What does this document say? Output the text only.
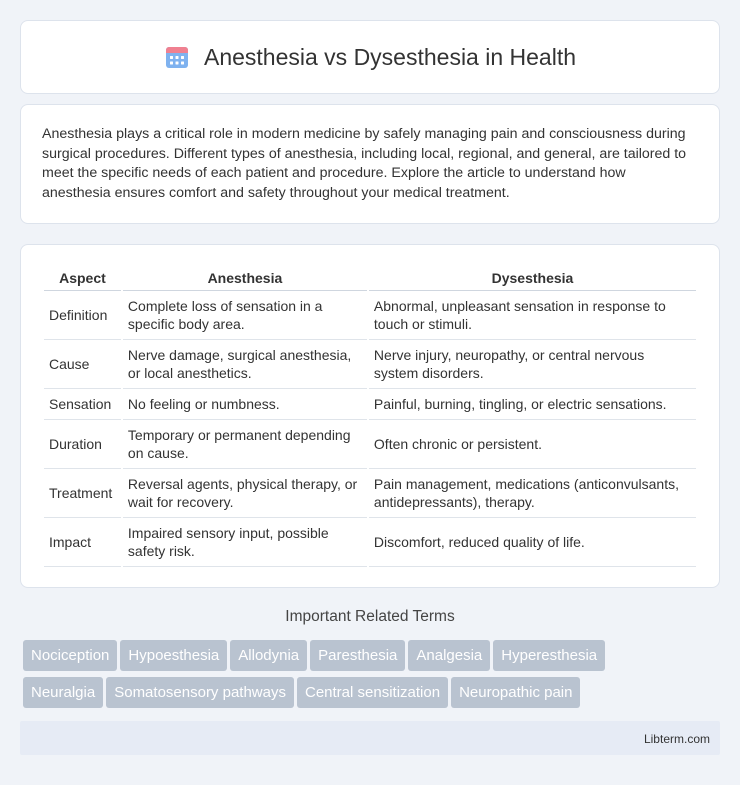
Anesthesia vs Dysesthesia in Health

Anesthesia plays a critical role in modern medicine by safely managing pain and consciousness during surgical procedures. Different types of anesthesia, including local, regional, and general, are tailored to meet the specific needs of each patient and procedure. Explore the article to understand how anesthesia ensures comfort and safety throughout your medical treatment.

Aspect	Anesthesia	Dysesthesia
Definition	Complete loss of sensation in a specific body area.	Abnormal, unpleasant sensation in response to touch or stimuli.
Cause	Nerve damage, surgical anesthesia, or local anesthetics.	Nerve injury, neuropathy, or central nervous system disorders.
Sensation	No feeling or numbness.	Painful, burning, tingling, or electric sensations.
Duration	Temporary or permanent depending on cause.	Often chronic or persistent.
Treatment	Reversal agents, physical therapy, or wait for recovery.	Pain management, medications (anticonvulsants, antidepressants), therapy.
Impact	Impaired sensory input, possible safety risk.	Discomfort, reduced quality of life.
Important Related Terms
Nociception Hypoesthesia Allodynia Paresthesia Analgesia Hyperesthesia
Neuralgia Somatosensory pathways Central sensitization Neuropathic pain
Libterm.com
